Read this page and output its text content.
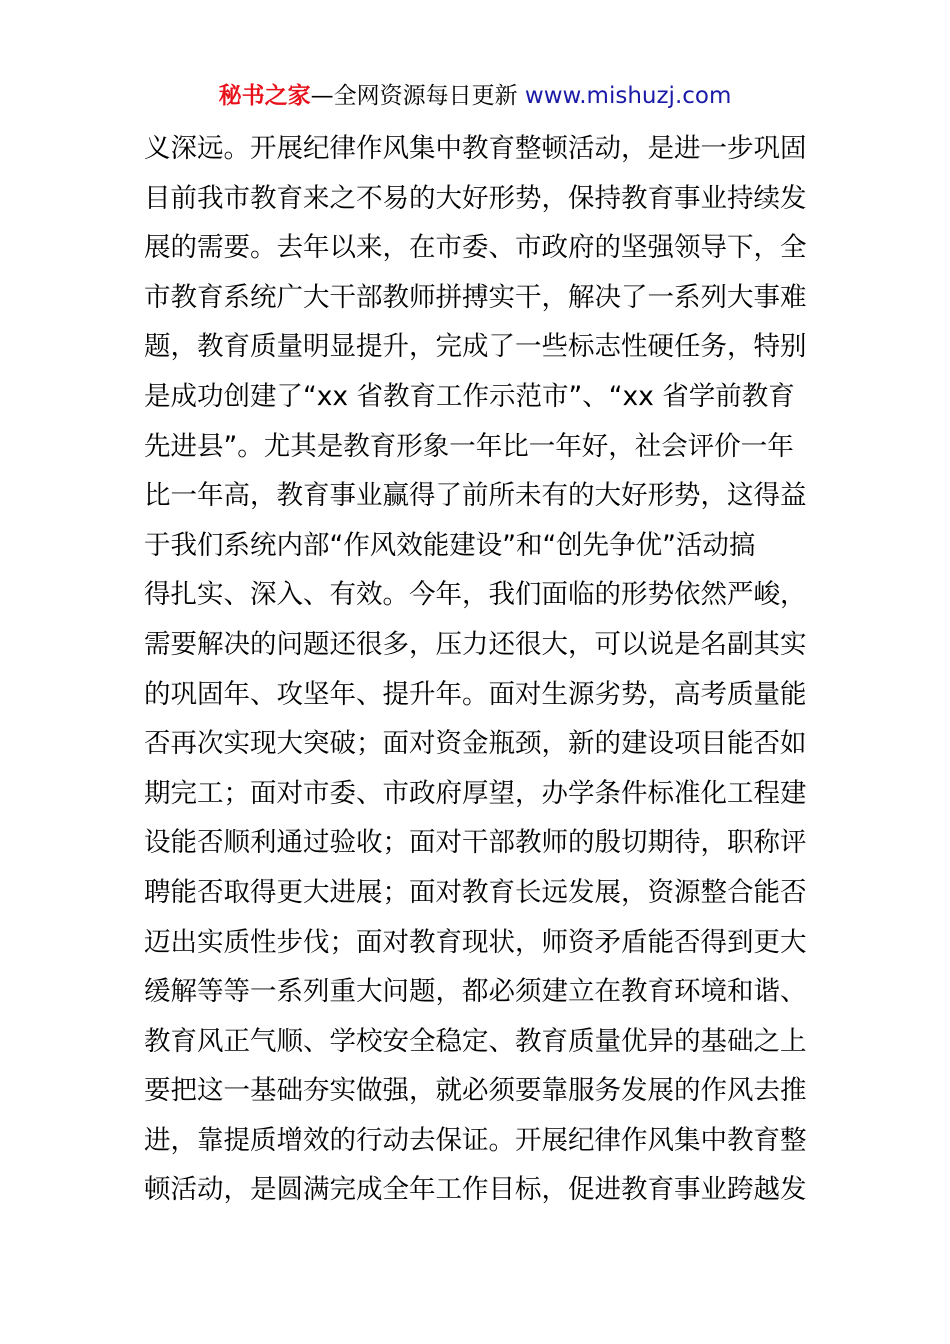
秘书之家—全网资源每日更新 www.mishuzj.com
义深远。开展纪律作风集中教育整顿活动，是进一步巩固
目前我市教育来之不易的大好形势，保持教育事业持续发
展的需要。去年以来，在市委、市政府的坚强领导下，全
市教育系统广大干部教师拼搏实干，解决了一系列大事难
题，教育质量明显提升，完成了一些标志性硬任务，特别
是成功创建了“xx 省教育工作示范市”、“xx 省学前教育
先进县”。尤其是教育形象一年比一年好，社会评价一年
比一年高，教育事业赢得了前所未有的大好形势，这得益
于我们系统内部“作风效能建设”和“创先争优”活动搞
得扎实、深入、有效。今年，我们面临的形势依然严峻，
需要解决的问题还很多，压力还很大，可以说是名副其实
的巩固年、攻坚年、提升年。面对生源劣势，高考质量能
否再次实现大突破；面对资金瓶颈，新的建设项目能否如
期完工；面对市委、市政府厚望，办学条件标准化工程建
设能否顺利通过验收；面对干部教师的殷切期待，职称评
聘能否取得更大进展；面对教育长远发展，资源整合能否
迈出实质性步伐；面对教育现状，师资矛盾能否得到更大
缓解等等一系列重大问题，都必须建立在教育环境和谐、
教育风正气顺、学校安全稳定、教育质量优异的基础之上
要把这一基础夯实做强，就必须要靠服务发展的作风去推
进，靠提质增效的行动去保证。开展纪律作风集中教育整
顿活动，是圆满完成全年工作目标，促进教育事业跨越发
